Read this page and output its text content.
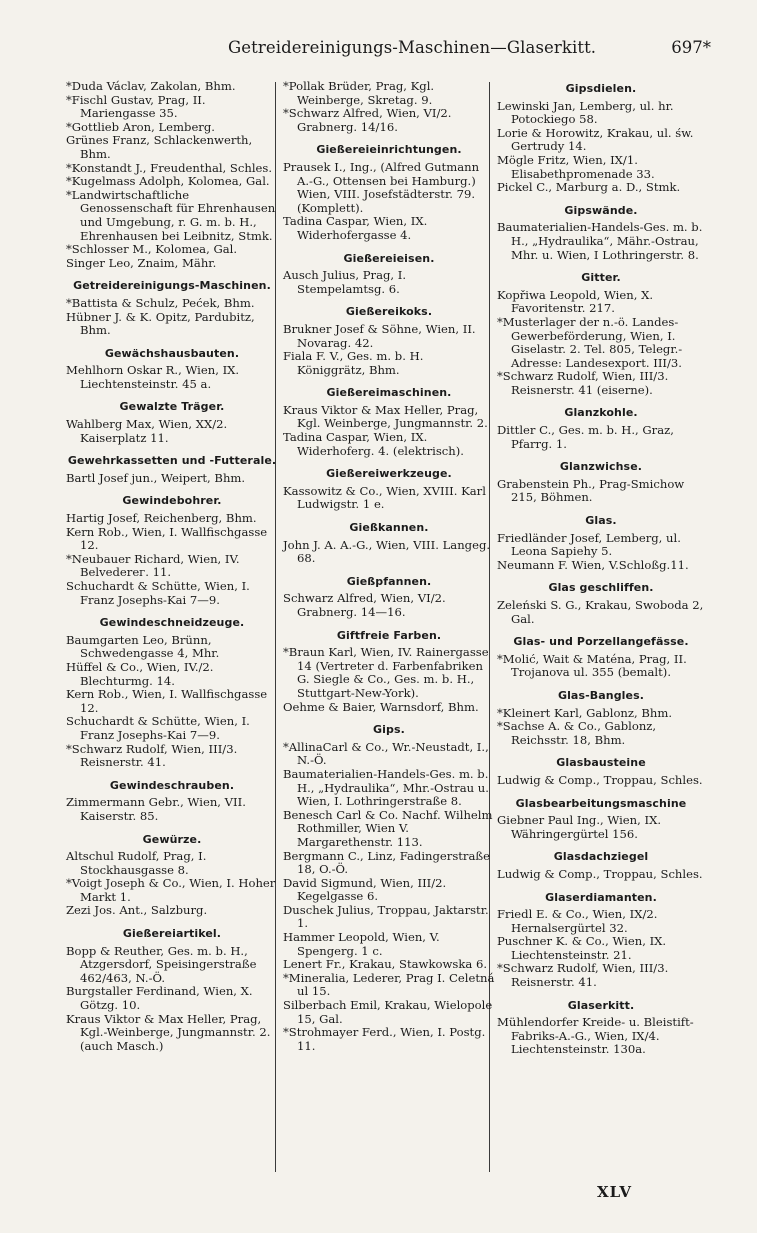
Getreidereinigungs-Maschinen—Glaserkitt.	697*
*Duda Václav, Zakolan, Bhm.
*Fischl Gustav, Prag, II. Mariengasse 35.
*Gottlieb Aron, Lemberg.
Grünes Franz, Schlackenwerth, Bhm.
*Konstandt J., Freudenthal, Schles.
*Kugelmass Adolph, Kolomea, Gal.
*Landwirtschaftliche Genossenschaft für Ehrenhausen und Umgebung, r. G. m. b. H., Ehrenhausen bei Leibnitz, Stmk.
*Schlosser M., Kolomea, Gal.
Singer Leo, Znaim, Mähr.
Getreidereinigungs-Maschinen.
*Battista & Schulz, Pećek, Bhm.
Hübner J. & K. Opitz, Pardubitz, Bhm.
Gewächshausbauten.
Mehlhorn Oskar R., Wien, IX. Liechtensteinstr. 45 a.
Gewalzte Träger.
Wahlberg Max, Wien, XX/2. Kaiserplatz 11.
Gewehrkassetten und -Futterale.
Bartl Josef jun., Weipert, Bhm.
Gewindebohrer.
Hartig Josef, Reichenberg, Bhm.
Kern Rob., Wien, I. Wallfischgasse 12.
*Neubauer Richard, Wien, IV. Belvederег. 11.
Schuchardt & Schütte, Wien, I. Franz Josephs-Kai 7—9.
Gewindeschneidzeuge.
Baumgarten Leo, Brünn, Schwedengasse 4, Mhr.
Hüffel & Co., Wien, IV./2. Blechturmg. 14.
Kern Rob., Wien, I. Wallfischgasse 12.
Schuchardt & Schütte, Wien, I. Franz Josephs-Kai 7—9.
*Schwarz Rudolf, Wien, III/3. Reisnerstr. 41.
Gewindeschrauben.
Zimmermann Gebr., Wien, VII. Kaiserstr. 85.
Gewürze.
Altschul Rudolf, Prag, I. Stockhausgasse 8.
*Voigt Joseph & Co., Wien, I. Hoher Markt 1.
Zezi Jos. Ant., Salzburg.
Gießereiartikel.
Bopp & Reuther, Ges. m. b. H., Atzgersdorf, Speisingerstraße 462/463, N.-Ö.
Burgstaller Ferdinand, Wien, X. Götzg. 10.
Kraus Viktor & Max Heller, Prag, Kgl.-Weinberge, Jungmannstr. 2. (auch Masch.)
*Pollak Brüder, Prag, Kgl. Weinberge, Skretag. 9.
*Schwarz Alfred, Wien, VI/2. Grabnerg. 14/16.
Gießereieinrichtungen.
Prausek I., Ing., (Alfred Gutmann A.-G., Ottensen bei Hamburg.) Wien, VIII. Josefstädterstr. 79. (Komplett).
Tadina Caspar, Wien, IX. Widerhofergasse 4.
Gießereieisen.
Ausch Julius, Prag, I. Stempelamtsg. 6.
Gießereikoks.
Brukner Josef & Söhne, Wien, II. Novarag. 42.
Fiala F. V., Ges. m. b. H. Königgrätz, Bhm.
Gießereimaschinen.
Kraus Viktor & Max Heller, Prag, Kgl. Weinberge, Jungmannstr. 2.
Tadina Caspar, Wien, IX. Widerhoferg. 4. (elektrisch).
Gießereiwerkzeuge.
Kassowitz & Co., Wien, XVIII. Karl Ludwigstr. 1 e.
Gießkannen.
John J. A. A.-G., Wien, VIII. Langeg. 68.
Gießpfannen.
Schwarz Alfred, Wien, VI/2. Grabnerg. 14—16.
Giftfreie Farben.
*Braun Karl, Wien, IV. Rainergasse 14 (Vertreter d. Farbenfabriken G. Siegle & Co., Ges. m. b. H., Stuttgart-New-York).
Oehme & Baier, Warnsdorf, Bhm.
Gips.
*AllinaCarl & Co., Wr.-Neustadt, I., N.-Ö.
Baumaterialien-Handels-Ges. m. b. H., „Hydraulika“, Mhr.-Ostrau u. Wien, I. Lothringerstraße 8.
Benesch Carl & Co. Nachf. Wilhelm Rothmiller, Wien V. Margarethenstr. 113.
Bergmann C., Linz, Fadingerstraße 18, O.-Ö.
David Sigmund, Wien, III/2. Kegelgasse 6.
Duschek Julius, Troppau, Jaktarstr. 1.
Hammer Leopold, Wien, V. Spengerg. 1 c.
Lenert Fr., Krakau, Stawkowska 6.
*Mineralia, Lederer, Prag I. Celetná ul 15.
Silberbach Emil, Krakau, Wielopole 15, Gal.
*Strohmayer Ferd., Wien, I. Postg. 11.
Gipsdielen.
Lewinski Jan, Lemberg, ul. hr. Potockiego 58.
Lorie & Horowitz, Krakau, ul. św. Gertrudy 14.
Mögle Fritz, Wien, IX/1. Elisabethpromenade 33.
Pickel C., Marburg a. D., Stmk.
Gipswände.
Baumaterialien-Handels-Ges. m. b. H., „Hydraulika“, Mähr.-Ostrau, Mhr. u. Wien, I Lothringerstr. 8.
Gitter.
Kopřiwa Leopold, Wien, X. Favoritenstr. 217.
*Musterlager der n.-ö. Landes-Gewerbeförderung, Wien, I. Giselastr. 2. Tel. 805, Telegr.-Adresse: Landesexport. III/3.
*Schwarz Rudolf, Wien, III/3. Reisnerstr. 41 (eiserne).
Glanzkohle.
Dittler C., Ges. m. b. H., Graz, Pfarrg. 1.
Glanzwichse.
Grabenstein Ph., Prag-Smichow 215, Böhmen.
Glas.
Friedländer Josef, Lemberg, ul. Leona Sapiehy 5.
Neumann F. Wien, V.Schloßg.11.
Glas geschliffen.
Zeleński S. G., Krakau, Swoboda 2, Gal.
Glas- und Porzellangefässe.
*Molić, Wait & Maténa, Prag, II. Trojanova ul. 355 (bemalt).
Glas-Bangles.
*Kleinert Karl, Gablonz, Bhm.
*Sachse A. & Co., Gablonz, Reichsstr. 18, Bhm.
Glasbausteine
Ludwig & Comp., Troppau, Schles.
Glasbearbeitungsmaschine
Giebner Paul Ing., Wien, IX. Währingergürtel 156.
Glasdachziegel
Ludwig & Comp., Troppau, Schles.
Glaserdiamanten.
Friedl E. & Co., Wien, IX/2. Hernalsergürtel 32.
Puschner K. & Co., Wien, IX. Liechtensteinstr. 21.
*Schwarz Rudolf, Wien, III/3. Reisnerstr. 41.
Glaserkitt.
Mühlendorfer Kreide- u. Bleistift-Fabriks-A.-G., Wien, IX/4. Liechtensteinstr. 130a.
XLV
